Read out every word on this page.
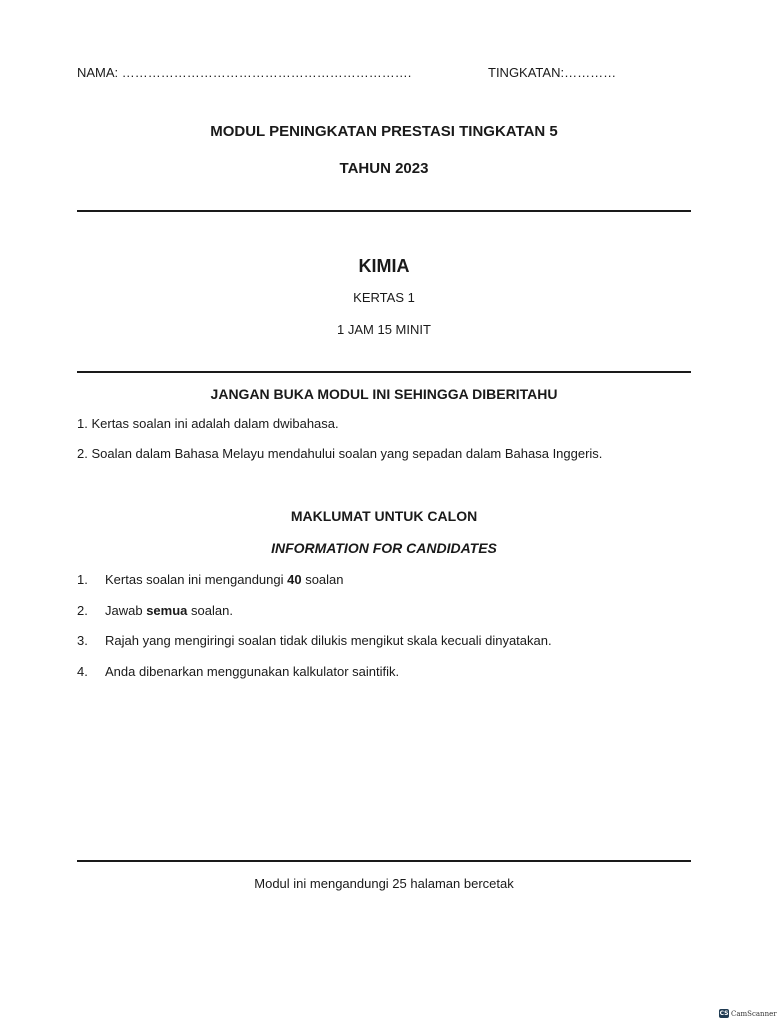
NAMA: ………………………………………………………….	TINGKATAN:…………
MODUL PENINGKATAN PRESTASI TINGKATAN 5
TAHUN 2023
KIMIA
KERTAS 1
1 JAM 15 MINIT
JANGAN BUKA MODUL INI SEHINGGA DIBERITAHU
1. Kertas soalan ini adalah dalam dwibahasa.
2. Soalan dalam Bahasa Melayu mendahului soalan yang sepadan dalam Bahasa Inggeris.
MAKLUMAT UNTUK CALON
INFORMATION FOR CANDIDATES
1. Kertas soalan ini mengandungi 40 soalan
2. Jawab semua soalan.
3. Rajah yang mengiringi soalan tidak dilukis mengikut skala kecuali dinyatakan.
4. Anda dibenarkan menggunakan kalkulator saintifik.
Modul ini mengandungi 25 halaman bercetak
CS CamScanner
